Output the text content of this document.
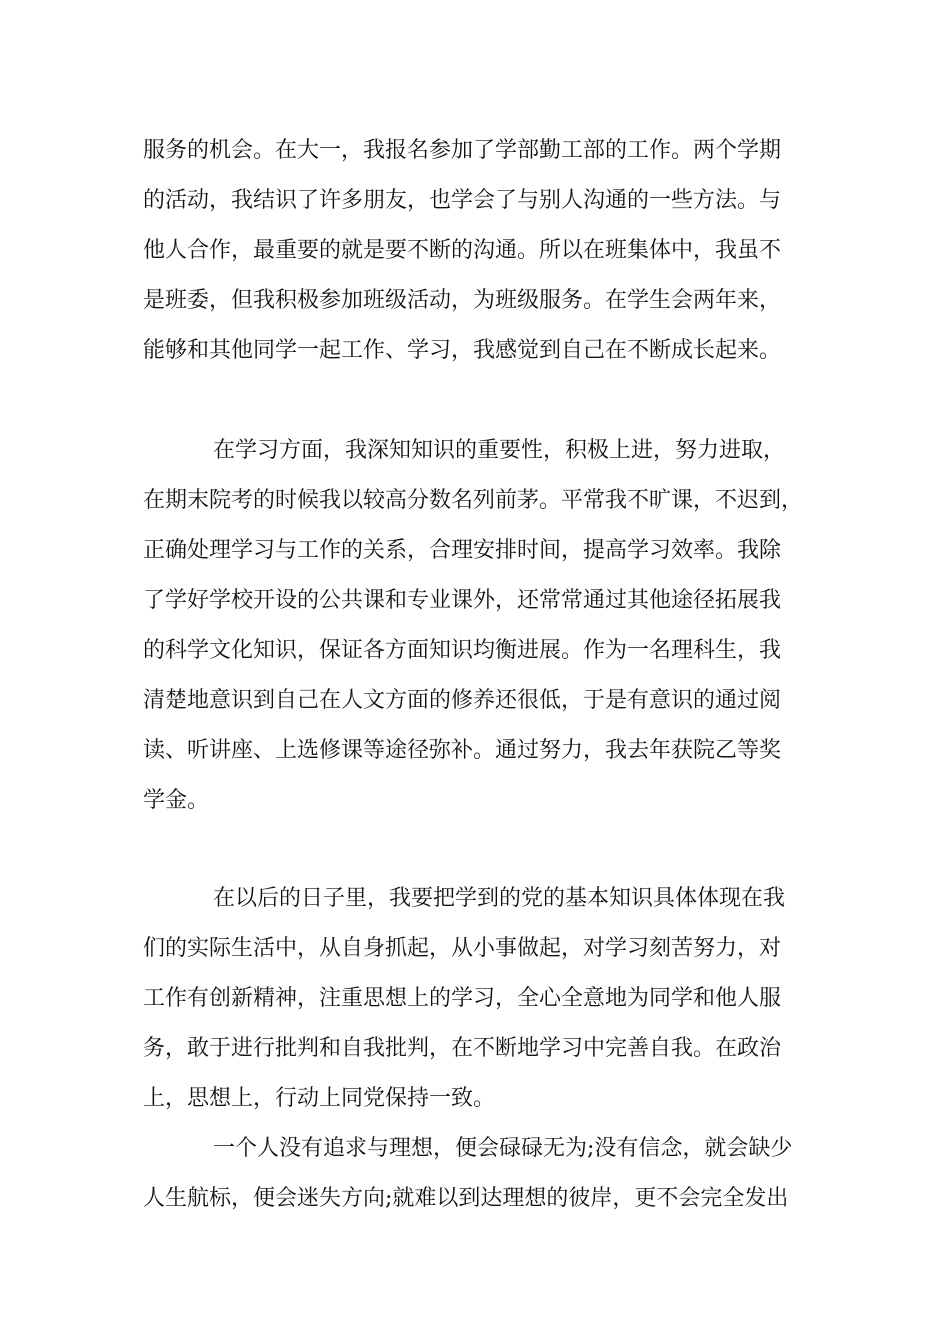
服务的机会。在大一，我报名参加了学部勤工部的工作。两个学期
的活动，我结识了许多朋友，也学会了与别人沟通的一些方法。与
他人合作，最重要的就是要不断的沟通。所以在班集体中，我虽不
是班委，但我积极参加班级活动，为班级服务。在学生会两年来，
能够和其他同学一起工作、学习，我感觉到自己在不断成长起来。
在学习方面，我深知知识的重要性，积极上进，努力进取，
在期末院考的时候我以较高分数名列前茅。平常我不旷课，不迟到，
正确处理学习与工作的关系，合理安排时间，提高学习效率。我除
了学好学校开设的公共课和专业课外，还常常通过其他途径拓展我
的科学文化知识，保证各方面知识均衡进展。作为一名理科生，我
清楚地意识到自己在人文方面的修养还很低，于是有意识的通过阅
读、听讲座、上选修课等途径弥补。通过努力，我去年获院乙等奖
学金。
在以后的日子里，我要把学到的党的基本知识具体体现在我
们的实际生活中，从自身抓起，从小事做起，对学习刻苦努力，对
工作有创新精神，注重思想上的学习，全心全意地为同学和他人服
务，敢于进行批判和自我批判，在不断地学习中完善自我。在政治
上，思想上，行动上同党保持一致。
一个人没有追求与理想，便会碌碌无为;没有信念，就会缺少
人生航标，便会迷失方向;就难以到达理想的彼岸，更不会完全发出
